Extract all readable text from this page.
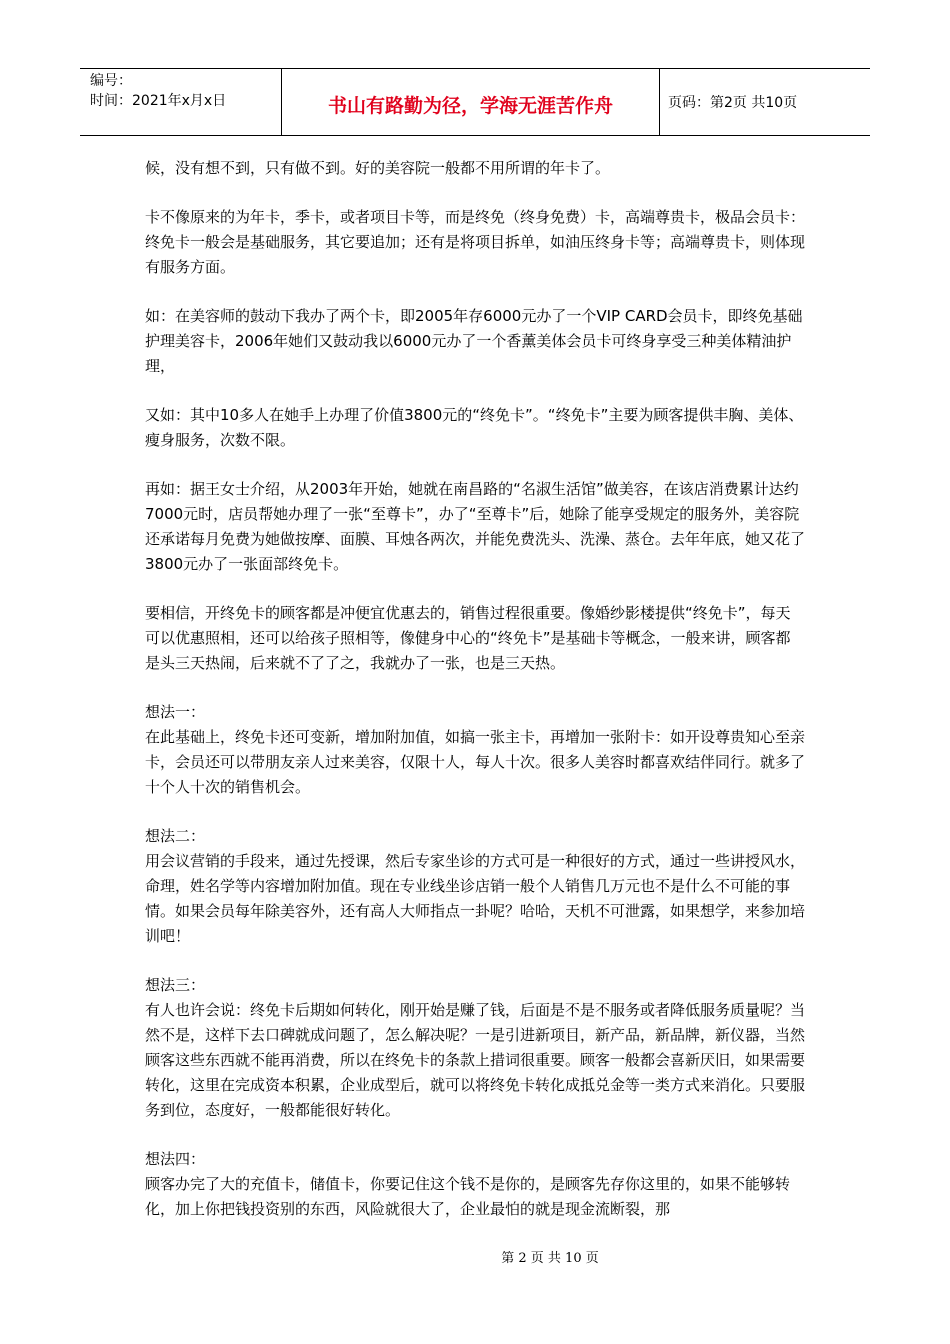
编号：
时间：2021年x月x日	书山有路勤为径，学海无涯苦作舟	页码：第2页 共10页

候，没有想不到，只有做不到。好的美容院一般都不用所谓的年卡了。

卡不像原来的为年卡，季卡，或者项目卡等，而是终免（终身免费）卡，高端尊贵卡，极品会员卡：终免卡一般会是基础服务，其它要追加；还有是将项目拆单，如油压终身卡等；高端尊贵卡，则体现有服务方面。

如：在美容师的鼓动下我办了两个卡，即2005年存6000元办了一个VIP CARD会员卡，即终免基础护理美容卡，2006年她们又鼓动我以6000元办了一个香薰美体会员卡可终身享受三种美体精油护理，

又如：其中10多人在她手上办理了价值3800元的“终免卡”。“终免卡”主要为顾客提供丰胸、美体、瘦身服务，次数不限。

再如：据王女士介绍，从2003年开始，她就在南昌路的“名淑生活馆”做美容，在该店消费累计达约7000元时，店员帮她办理了一张“至尊卡”，办了“至尊卡”后，她除了能享受规定的服务外，美容院还承诺每月免费为她做按摩、面膜、耳烛各两次，并能免费洗头、洗澡、蒸仓。去年年底，她又花了3800元办了一张面部终免卡。

要相信，开终免卡的顾客都是冲便宜优惠去的，销售过程很重要。像婚纱影楼提供“终免卡”，每天可以优惠照相，还可以给孩子照相等，像健身中心的“终免卡”是基础卡等概念，一般来讲，顾客都是头三天热闹，后来就不了了之，我就办了一张，也是三天热。

想法一：

在此基础上，终免卡还可变新，增加附加值，如搞一张主卡，再增加一张附卡：如开设尊贵知心至亲卡，会员还可以带朋友亲人过来美容，仅限十人，每人十次。很多人美容时都喜欢结伴同行。就多了十个人十次的销售机会。

想法二：

用会议营销的手段来，通过先授课，然后专家坐诊的方式可是一种很好的方式，通过一些讲授风水，命理，姓名学等内容增加附加值。现在专业线坐诊店销一般个人销售几万元也不是什么不可能的事情。如果会员每年除美容外，还有高人大师指点一卦呢？哈哈，天机不可泄露，如果想学，来参加培训吧！

想法三：

有人也许会说：终免卡后期如何转化，刚开始是赚了钱，后面是不是不服务或者降低服务质量呢？当然不是，这样下去口碑就成问题了，怎么解决呢？一是引进新项目，新产品，新品牌，新仪器，当然顾客这些东西就不能再消费，所以在终免卡的条款上措词很重要。顾客一般都会喜新厌旧，如果需要转化，这里在完成资本积累，企业成型后，就可以将终免卡转化成抵兑金等一类方式来消化。只要服务到位，态度好，一般都能很好转化。

想法四：

顾客办完了大的充值卡，储值卡，你要记住这个钱不是你的，是顾客先存你这里的，如果不能够转化，加上你把钱投资别的东西，风险就很大了，企业最怕的就是现金流断裂，那

第 2 页 共 10 页
